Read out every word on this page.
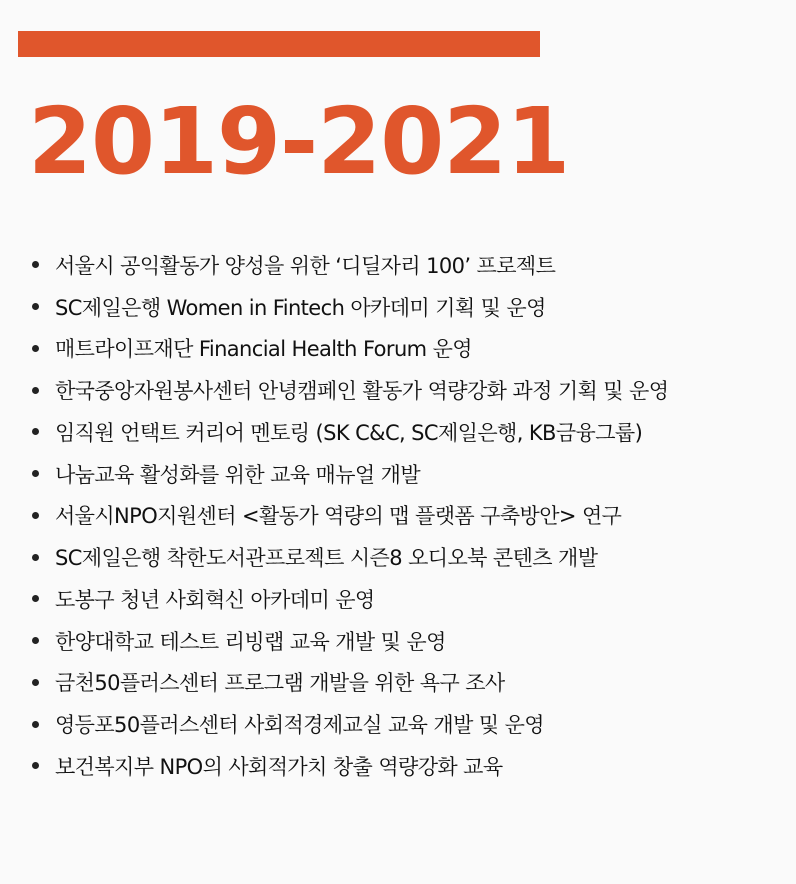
2019-2021
서울시 공익활동가 양성을 위한 ‘디딜자리 100’ 프로젝트
SC제일은행 Women in Fintech 아카데미 기획 및 운영
매트라이프재단 Financial Health Forum 운영
한국중앙자원봉사센터 안녕캠페인 활동가 역량강화 과정 기획 및 운영
임직원 언택트 커리어 멘토링 (SK C&C, SC제일은행, KB금융그룹)
나눔교육 활성화를 위한 교육 매뉴얼 개발
서울시NPO지원센터 <활동가 역량의 맵 플랫폼 구축방안> 연구
SC제일은행 착한도서관프로젝트 시즌8 오디오북 콘텐츠 개발
도봉구 청년 사회혁신 아카데미 운영
한양대학교 테스트 리빙랩 교육 개발 및 운영
금천50플러스센터 프로그램 개발을 위한 욕구 조사
영등포50플러스센터 사회적경제교실 교육 개발 및 운영
보건복지부 NPO의 사회적가치 창출 역량강화 교육
